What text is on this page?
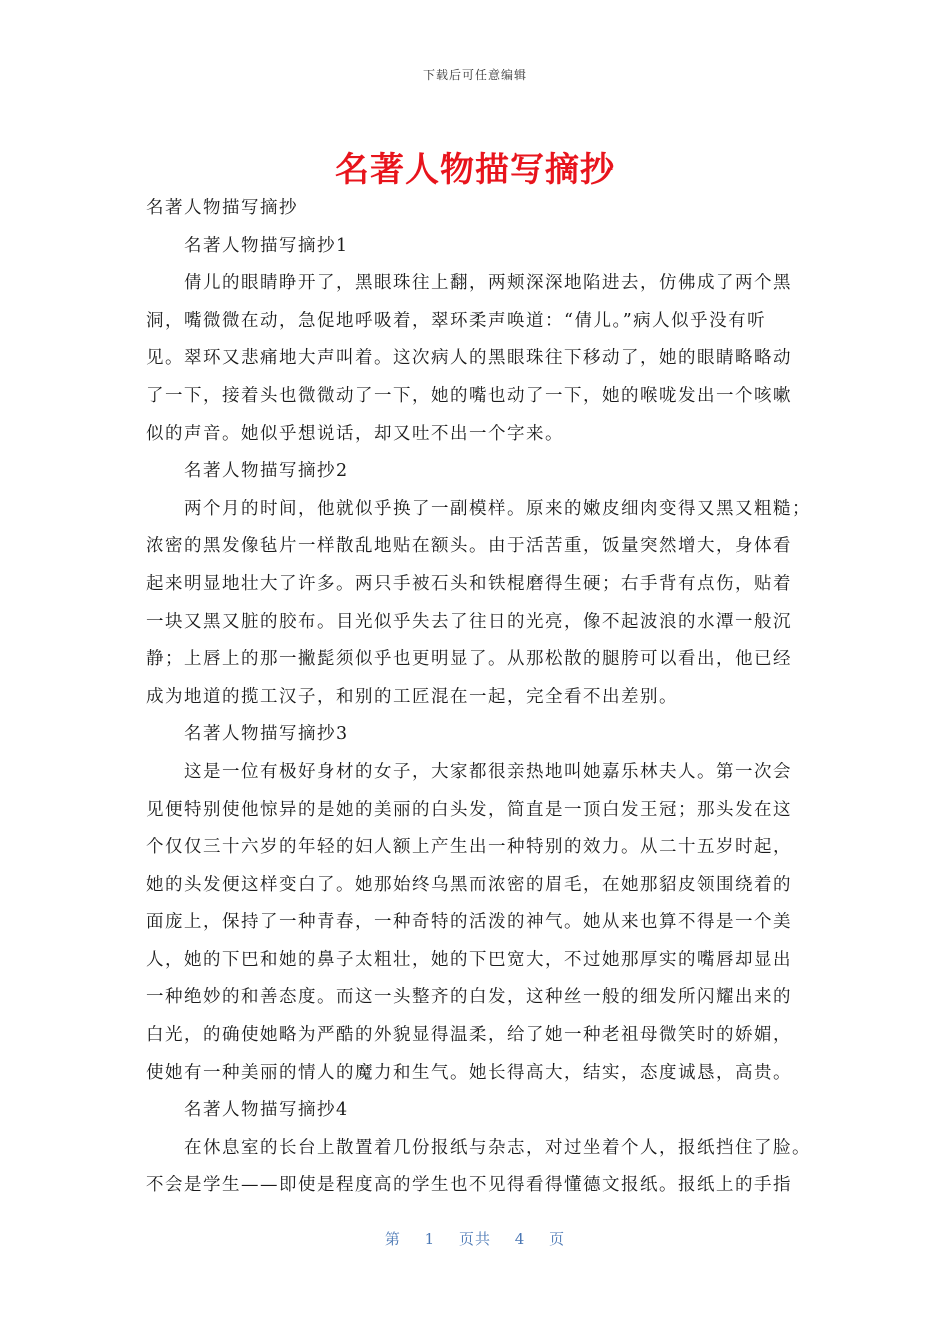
下载后可任意编辑
名著人物描写摘抄
名著人物描写摘抄
名著人物描写摘抄1
倩儿的眼睛睁开了，黑眼珠往上翻，两颊深深地陷进去，仿佛成了两个黑
洞，嘴微微在动，急促地呼吸着，翠环柔声唤道：“倩儿。”病人似乎没有听
见。翠环又悲痛地大声叫着。这次病人的黑眼珠往下移动了，她的眼睛略略动
了一下，接着头也微微动了一下，她的嘴也动了一下，她的喉咙发出一个咳嗽
似的声音。她似乎想说话，却又吐不出一个字来。
名著人物描写摘抄2
两个月的时间，他就似乎换了一副模样。原来的嫩皮细肉变得又黑又粗糙；
浓密的黑发像毡片一样散乱地贴在额头。由于活苦重，饭量突然增大，身体看
起来明显地壮大了许多。两只手被石头和铁棍磨得生硬；右手背有点伤，贴着
一块又黑又脏的胶布。目光似乎失去了往日的光亮，像不起波浪的水潭一般沉
静；上唇上的那一撇髭须似乎也更明显了。从那松散的腿胯可以看出，他已经
成为地道的揽工汉子，和别的工匠混在一起，完全看不出差别。
名著人物描写摘抄3
这是一位有极好身材的女子，大家都很亲热地叫她嘉乐林夫人。第一次会
见便特别使他惊异的是她的美丽的白头发，简直是一顶白发王冠；那头发在这
个仅仅三十六岁的年轻的妇人额上产生出一种特别的效力。从二十五岁时起，
她的头发便这样变白了。她那始终乌黑而浓密的眉毛，在她那貂皮领围绕着的
面庞上，保持了一种青春，一种奇特的活泼的神气。她从来也算不得是一个美
人，她的下巴和她的鼻子太粗壮，她的下巴宽大，不过她那厚实的嘴唇却显出
一种绝妙的和善态度。而这一头整齐的白发，这种丝一般的细发所闪耀出来的
白光，的确使她略为严酷的外貌显得温柔，给了她一种老祖母微笑时的娇媚，
使她有一种美丽的情人的魔力和生气。她长得高大，结实，态度诚恳，高贵。
名著人物描写摘抄4
在休息室的长台上散置着几份报纸与杂志，对过坐着个人，报纸挡住了脸。
不会是学生——即使是程度高的学生也不见得看得懂德文报纸。报纸上的手指
第 1 页共 4 页
